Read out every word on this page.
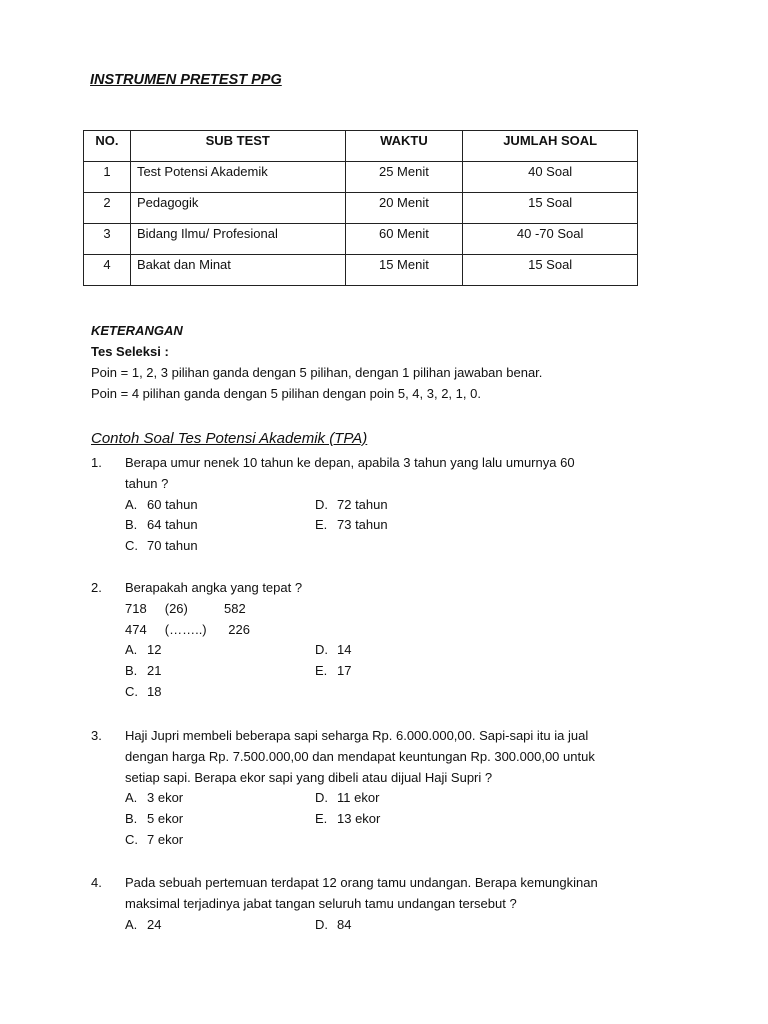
INSTRUMEN PRETEST PPG
NO.	SUB TEST	WAKTU	JUMLAH SOAL
1	Test Potensi Akademik	25 Menit	40 Soal
2	Pedagogik	20 Menit	15 Soal
3	Bidang Ilmu/ Profesional	60 Menit	40 -70 Soal
4	Bakat dan Minat	15 Menit	15 Soal
KETERANGAN
Tes Seleksi :
Poin = 1, 2, 3 pilihan ganda dengan 5 pilihan, dengan 1 pilihan jawaban benar.
Poin = 4 pilihan ganda dengan 5 pilihan dengan poin 5, 4, 3, 2, 1, 0.
Contoh Soal Tes Potensi Akademik (TPA)
1. Berapa umur nenek 10 tahun ke depan, apabila 3 tahun yang lalu umurnya 60
tahun ?
A. 60 tahun	D. 72 tahun
B. 64 tahun	E. 73 tahun
C. 70 tahun
2. Berapakah angka yang tepat ?
718     (26)          582
474     (……..)      226
A. 12	D. 14
B. 21	E. 17
C. 18
3. Haji Jupri membeli beberapa sapi seharga Rp. 6.000.000,00. Sapi-sapi itu ia jual
dengan harga Rp. 7.500.000,00 dan mendapat keuntungan Rp. 300.000,00 untuk
setiap sapi. Berapa ekor sapi yang dibeli atau dijual Haji Supri ?
A. 3 ekor	D. 11 ekor
B. 5 ekor	E. 13 ekor
C. 7 ekor
4. Pada sebuah pertemuan terdapat 12 orang tamu undangan. Berapa kemungkinan
maksimal terjadinya jabat tangan seluruh tamu undangan tersebut ?
A. 24	D. 84
